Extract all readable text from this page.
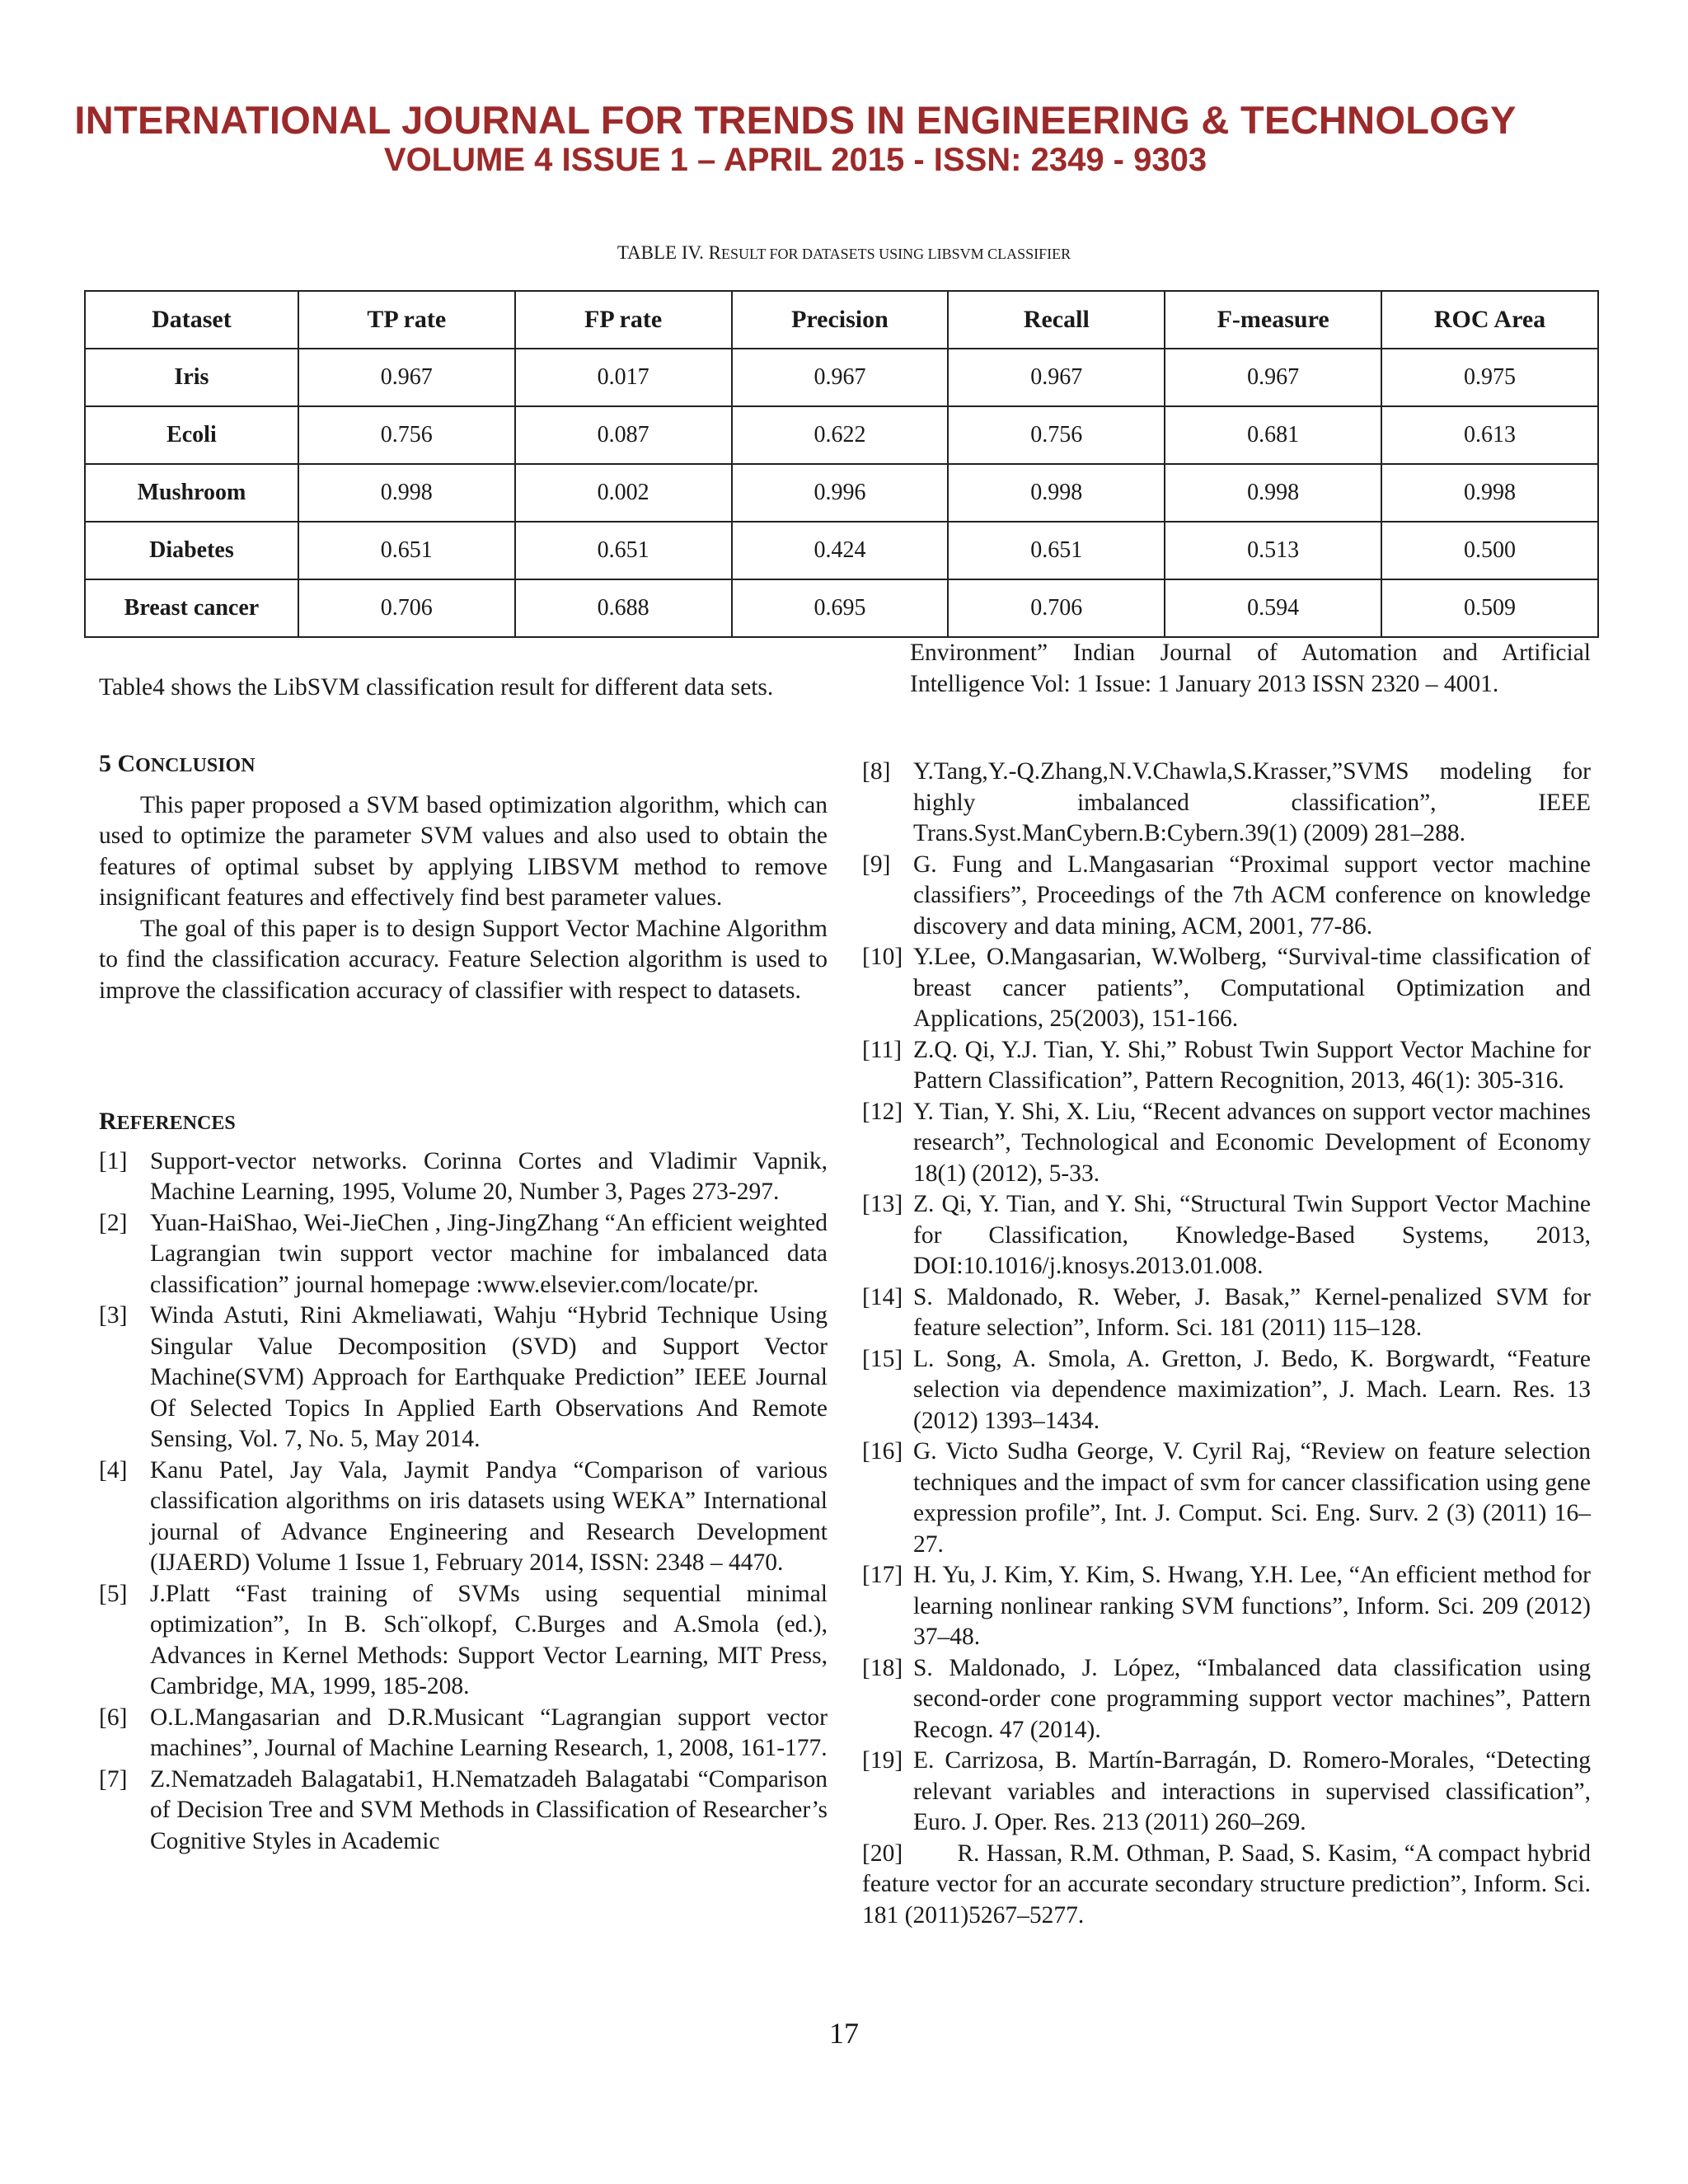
INTERNATIONAL JOURNAL FOR TRENDS IN ENGINEERING & TECHNOLOGY
VOLUME 4 ISSUE 1 – APRIL 2015 - ISSN: 2349 - 9303
TABLE IV. RESULT FOR DATASETS USING LIBSVM CLASSIFIER
Dataset	TP rate	FP rate	Precision	Recall	F-measure	ROC Area
Iris	0.967	0.017	0.967	0.967	0.967	0.975
Ecoli	0.756	0.087	0.622	0.756	0.681	0.613
Mushroom	0.998	0.002	0.996	0.998	0.998	0.998
Diabetes	0.651	0.651	0.424	0.651	0.513	0.500
Breast cancer	0.706	0.688	0.695	0.706	0.594	0.509
Table4 shows the LibSVM classification result for different data sets.
5 CONCLUSION
This paper proposed a SVM based optimization algorithm, which can used to optimize the parameter SVM values and also used to obtain the features of optimal subset by applying LIBSVM method to remove insignificant features and effectively find best parameter values.
The goal of this paper is to design Support Vector Machine Algorithm to find the classification accuracy. Feature Selection algorithm is used to improve the classification accuracy of classifier with respect to datasets.
REFERENCES
[1] Support-vector networks. Corinna Cortes and Vladimir Vapnik, Machine Learning, 1995, Volume 20, Number 3, Pages 273-297.
[2] Yuan-HaiShao, Wei-JieChen , Jing-JingZhang “An efficient weighted Lagrangian twin support vector machine for imbalanced data classification” journal homepage :www.elsevier.com/locate/pr.
[3] Winda Astuti, Rini Akmeliawati, Wahju “Hybrid Technique Using Singular Value Decomposition (SVD) and Support Vector Machine(SVM) Approach for Earthquake Prediction” IEEE Journal Of Selected Topics In Applied Earth Observations And Remote Sensing, Vol. 7, No. 5, May 2014.
[4] Kanu Patel, Jay Vala, Jaymit Pandya “Comparison of various classification algorithms on iris datasets using WEKA” International journal of Advance Engineering and Research Development (IJAERD) Volume 1 Issue 1, February 2014, ISSN: 2348 – 4470.
[5] J.Platt “Fast training of SVMs using sequential minimal optimization”, In B. Sch¨olkopf, C.Burges and A.Smola (ed.), Advances in Kernel Methods: Support Vector Learning, MIT Press, Cambridge, MA, 1999, 185-208.
[6] O.L.Mangasarian and D.R.Musicant “Lagrangian support vector machines”, Journal of Machine Learning Research, 1, 2008, 161-177.
[7] Z.Nematzadeh Balagatabi1, H.Nematzadeh Balagatabi “Comparison of Decision Tree and SVM Methods in Classification of Researcher’s Cognitive Styles in Academic
Environment” Indian Journal of Automation and Artificial Intelligence Vol: 1 Issue: 1 January 2013 ISSN 2320 – 4001.
[8] Y.Tang,Y.-Q.Zhang,N.V.Chawla,S.Krasser,”SVMS modeling for highly imbalanced classification”, IEEE Trans.Syst.ManCybern.B:Cybern.39(1) (2009) 281–288.
[9] G. Fung and L.Mangasarian “Proximal support vector machine classifiers”, Proceedings of the 7th ACM conference on knowledge discovery and data mining, ACM, 2001, 77-86.
[10] Y.Lee, O.Mangasarian, W.Wolberg, “Survival-time classification of breast cancer patients”, Computational Optimization and Applications, 25(2003), 151-166.
[11] Z.Q. Qi, Y.J. Tian, Y. Shi,” Robust Twin Support Vector Machine for Pattern Classification”, Pattern Recognition, 2013, 46(1): 305-316.
[12] Y. Tian, Y. Shi, X. Liu, “Recent advances on support vector machines research”, Technological and Economic Development of Economy 18(1) (2012), 5-33.
[13] Z. Qi, Y. Tian, and Y. Shi, “Structural Twin Support Vector Machine for Classification, Knowledge-Based Systems, 2013, DOI:10.1016/j.knosys.2013.01.008.
[14] S. Maldonado, R. Weber, J. Basak,” Kernel-penalized SVM for feature selection”, Inform. Sci. 181 (2011) 115–128.
[15] L. Song, A. Smola, A. Gretton, J. Bedo, K. Borgwardt, “Feature selection via dependence maximization”, J. Mach. Learn. Res. 13 (2012) 1393–1434.
[16] G. Victo Sudha George, V. Cyril Raj, “Review on feature selection techniques and the impact of svm for cancer classification using gene expression profile”, Int. J. Comput. Sci. Eng. Surv. 2 (3) (2011) 16–27.
[17] H. Yu, J. Kim, Y. Kim, S. Hwang, Y.H. Lee, “An efficient method for learning nonlinear ranking SVM functions”, Inform. Sci. 209 (2012) 37–48.
[18] S. Maldonado, J. López, “Imbalanced data classification using second-order cone programming support vector machines”, Pattern Recogn. 47 (2014).
[19] E. Carrizosa, B. Martín-Barragán, D. Romero-Morales, “Detecting relevant variables and interactions in supervised classification”, Euro. J. Oper. Res. 213 (2011) 260–269.
[20]        R. Hassan, R.M. Othman, P. Saad, S. Kasim, “A compact hybrid feature vector for an accurate secondary structure prediction”, Inform. Sci. 181 (2011)5267–5277.
17
